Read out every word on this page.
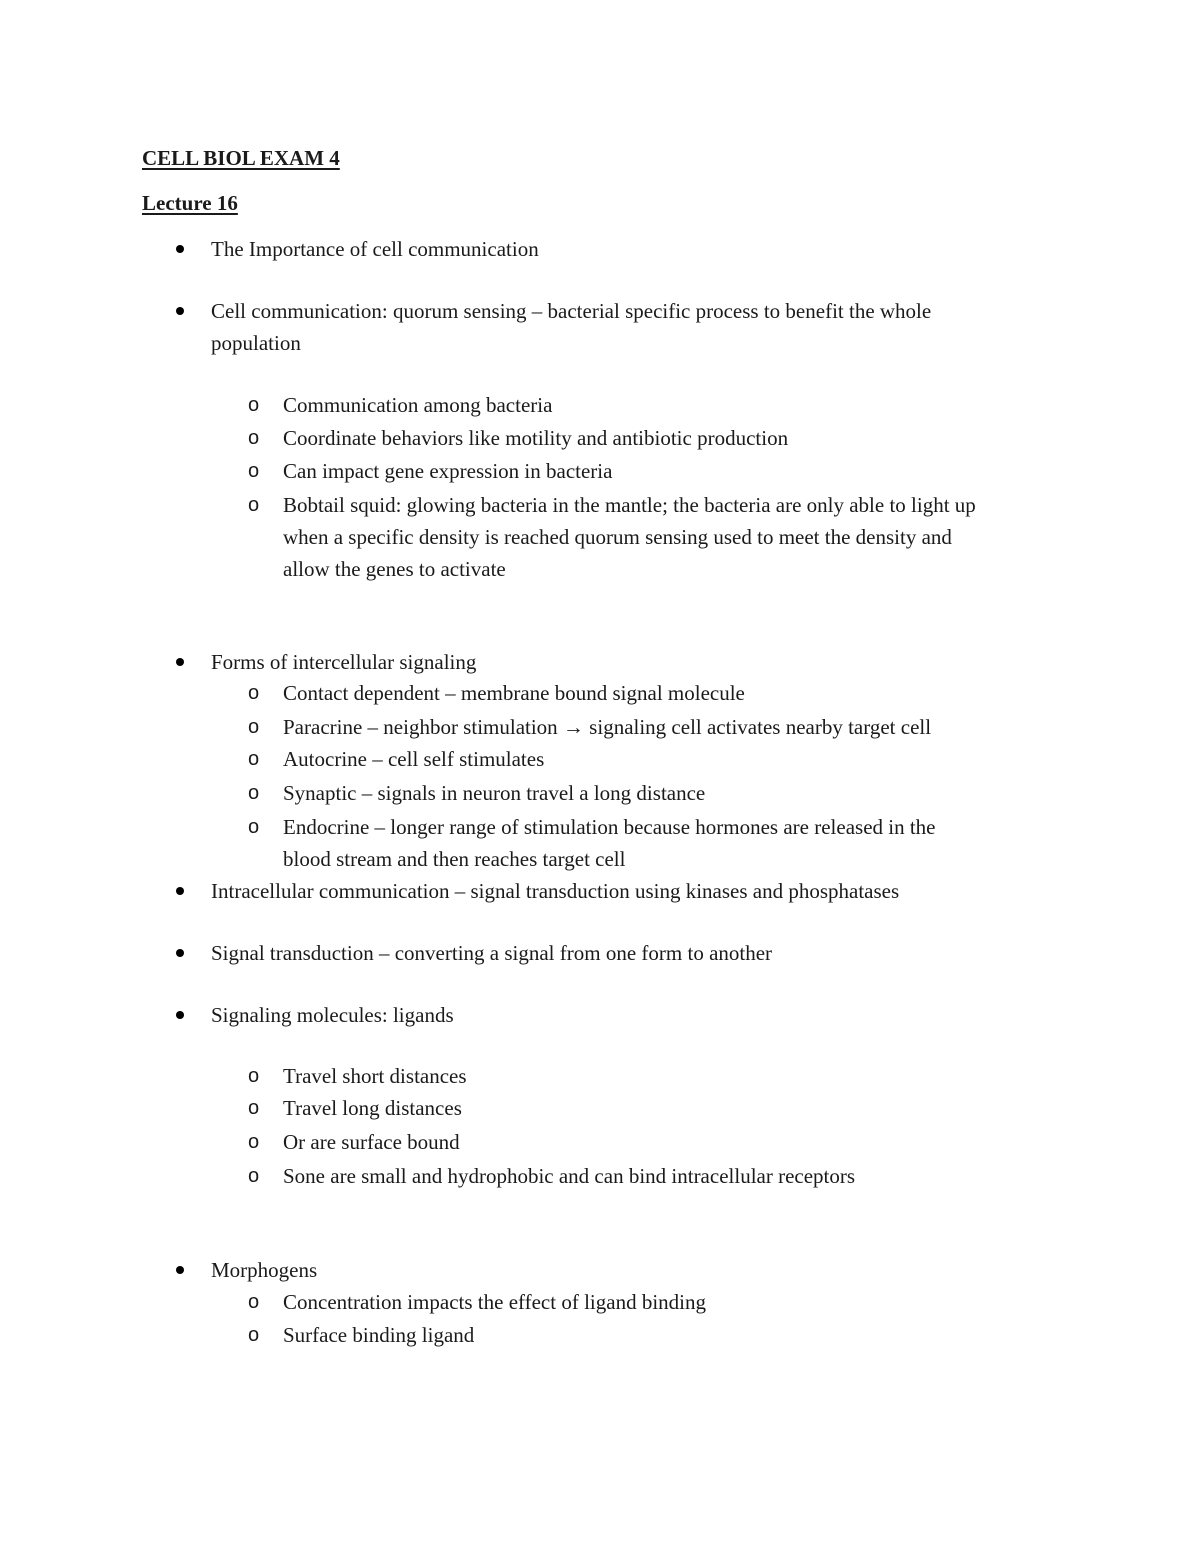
CELL BIOL EXAM 4
Lecture 16
The Importance of cell communication
Cell communication: quorum sensing – bacterial specific process to benefit the whole
population
o Communication among bacteria
o Coordinate behaviors like motility and antibiotic production
o Can impact gene expression in bacteria
o Bobtail squid: glowing bacteria in the mantle; the bacteria are only able to light up
when a specific density is reached quorum sensing used to meet the density and
allow the genes to activate
Forms of intercellular signaling
o Contact dependent – membrane bound signal molecule
o Paracrine – neighbor stimulation → signaling cell activates nearby target cell
o Autocrine – cell self stimulates
o Synaptic – signals in neuron travel a long distance
o Endocrine – longer range of stimulation because hormones are released in the
blood stream and then reaches target cell
Intracellular communication – signal transduction using kinases and phosphatases
Signal transduction – converting a signal from one form to another
Signaling molecules: ligands
o Travel short distances
o Travel long distances
o Or are surface bound
o Sone are small and hydrophobic and can bind intracellular receptors
Morphogens
o Concentration impacts the effect of ligand binding
o Surface binding ligand
